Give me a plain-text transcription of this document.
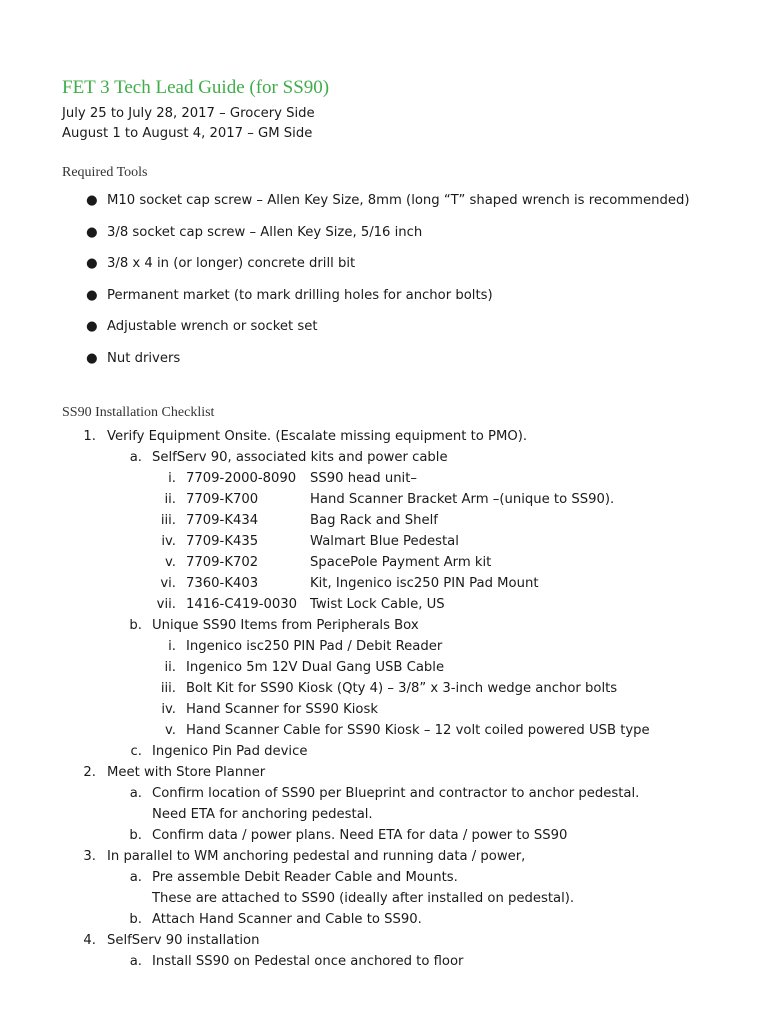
FET 3 Tech Lead Guide (for SS90)
July 25 to July 28, 2017 – Grocery Side
August 1 to August 4, 2017 – GM Side
Required Tools
● M10 socket cap screw – Allen Key Size, 8mm (long “T” shaped wrench is recommended)
● 3/8 socket cap screw – Allen Key Size, 5/16 inch
● 3/8 x 4 in (or longer) concrete drill bit
● Permanent market (to mark drilling holes for anchor bolts)
● Adjustable wrench or socket set
● Nut drivers
SS90 Installation Checklist
1. Verify Equipment Onsite. (Escalate missing equipment to PMO).
a. SelfServ 90, associated kits and power cable
i. 7709-2000-8090 SS90 head unit–
ii. 7709-K700	Hand Scanner Bracket Arm –(unique to SS90).
iii. 7709-K434	Bag Rack and Shelf
iv. 7709-K435	Walmart Blue Pedestal
v. 7709-K702	SpacePole Payment Arm kit
vi. 7360-K403	Kit, Ingenico isc250 PIN Pad Mount
vii. 1416-C419-0030 Twist Lock Cable, US
b. Unique SS90 Items from Peripherals Box
i. Ingenico isc250 PIN Pad / Debit Reader
ii. Ingenico 5m 12V Dual Gang USB Cable
iii. Bolt Kit for SS90 Kiosk (Qty 4) – 3/8” x 3-inch wedge anchor bolts
iv. Hand Scanner for SS90 Kiosk
v. Hand Scanner Cable for SS90 Kiosk – 12 volt coiled powered USB type
c. Ingenico Pin Pad device
2. Meet with Store Planner
a. Confirm location of SS90 per Blueprint and contractor to anchor pedestal.
Need ETA for anchoring pedestal.
b. Confirm data / power plans. Need ETA for data / power to SS90
3. In parallel to WM anchoring pedestal and running data / power,
a. Pre assemble Debit Reader Cable and Mounts.
These are attached to SS90 (ideally after installed on pedestal).
b. Attach Hand Scanner and Cable to SS90.
4. SelfServ 90 installation
a. Install SS90 on Pedestal once anchored to floor
